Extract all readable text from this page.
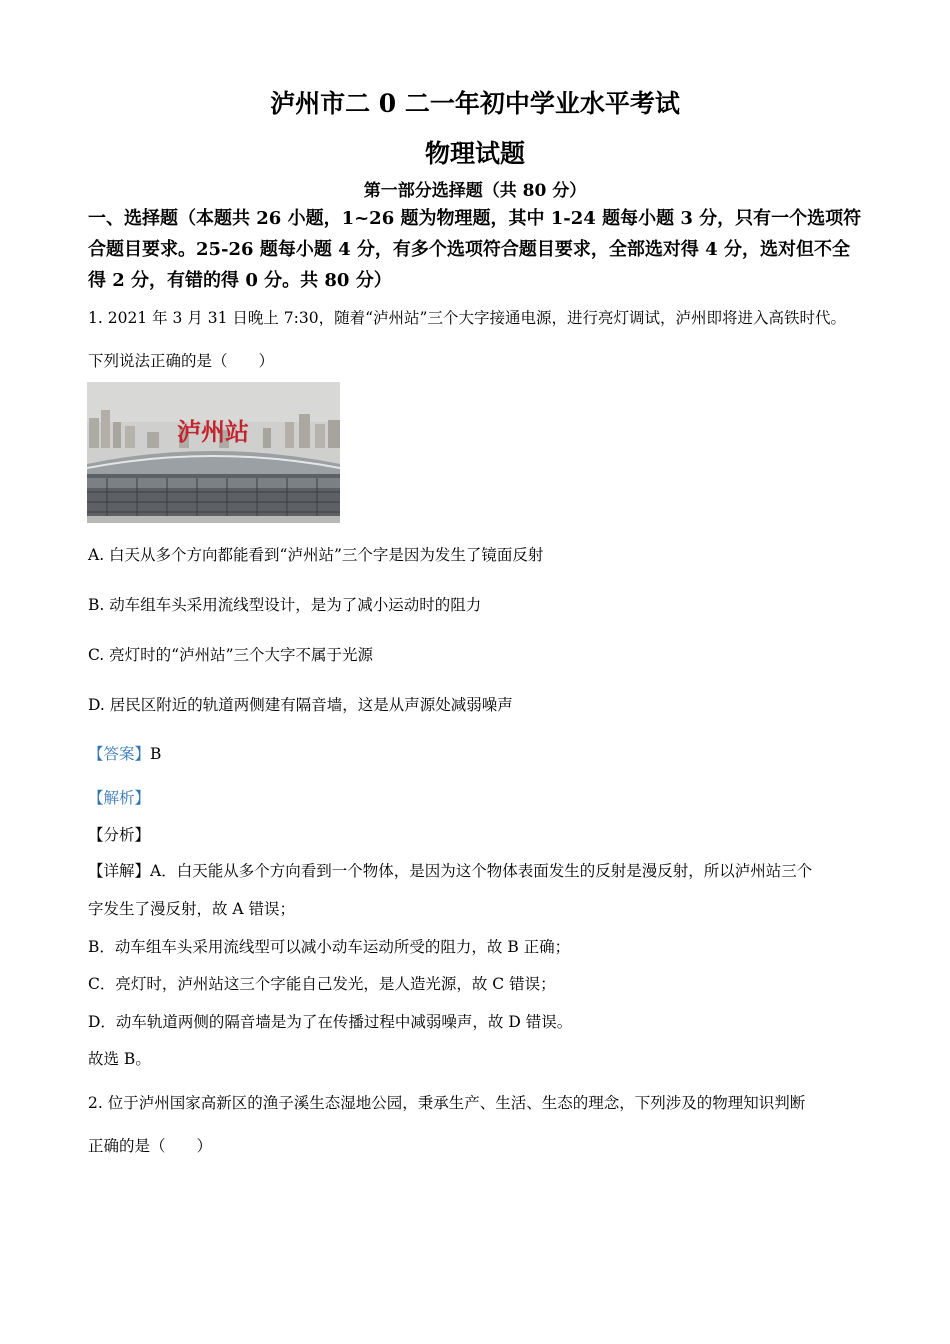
泸州市二 0 二一年初中学业水平考试
物理试题
第一部分选择题（共 80 分）
一、选择题（本题共 26 小题，1~26 题为物理题，其中 1-24 题每小题 3 分，只有一个选项符
合题目要求。25-26 题每小题 4 分，有多个选项符合题目要求，全部选对得 4 分，选对但不全
得 2 分，有错的得 0 分。共 80 分）
1. 2021 年 3 月 31 日晚上 7:30，随着“泸州站”三个大字接通电源，进行亮灯调试，泸州即将进入高铁时代。
下列说法正确的是（　　）
泸州站
A. 白天从多个方向都能看到“泸州站”三个字是因为发生了镜面反射
B. 动车组车头采用流线型设计，是为了减小运动时的阻力
C. 亮灯时的“泸州站”三个大字不属于光源
D. 居民区附近的轨道两侧建有隔音墙，这是从声源处减弱噪声
【答案】B
【解析】
【分析】
【详解】A．白天能从多个方向看到一个物体，是因为这个物体表面发生的反射是漫反射，所以泸州站三个
字发生了漫反射，故 A 错误；
B．动车组车头采用流线型可以减小动车运动所受的阻力，故 B 正确；
C．亮灯时，泸州站这三个字能自己发光，是人造光源，故 C 错误；
D．动车轨道两侧的隔音墙是为了在传播过程中减弱噪声，故 D 错误。
故选 B。
2. 位于泸州国家高新区的渔子溪生态湿地公园，秉承生产、生活、生态的理念，下列涉及的物理知识判断
正确的是（　　）
